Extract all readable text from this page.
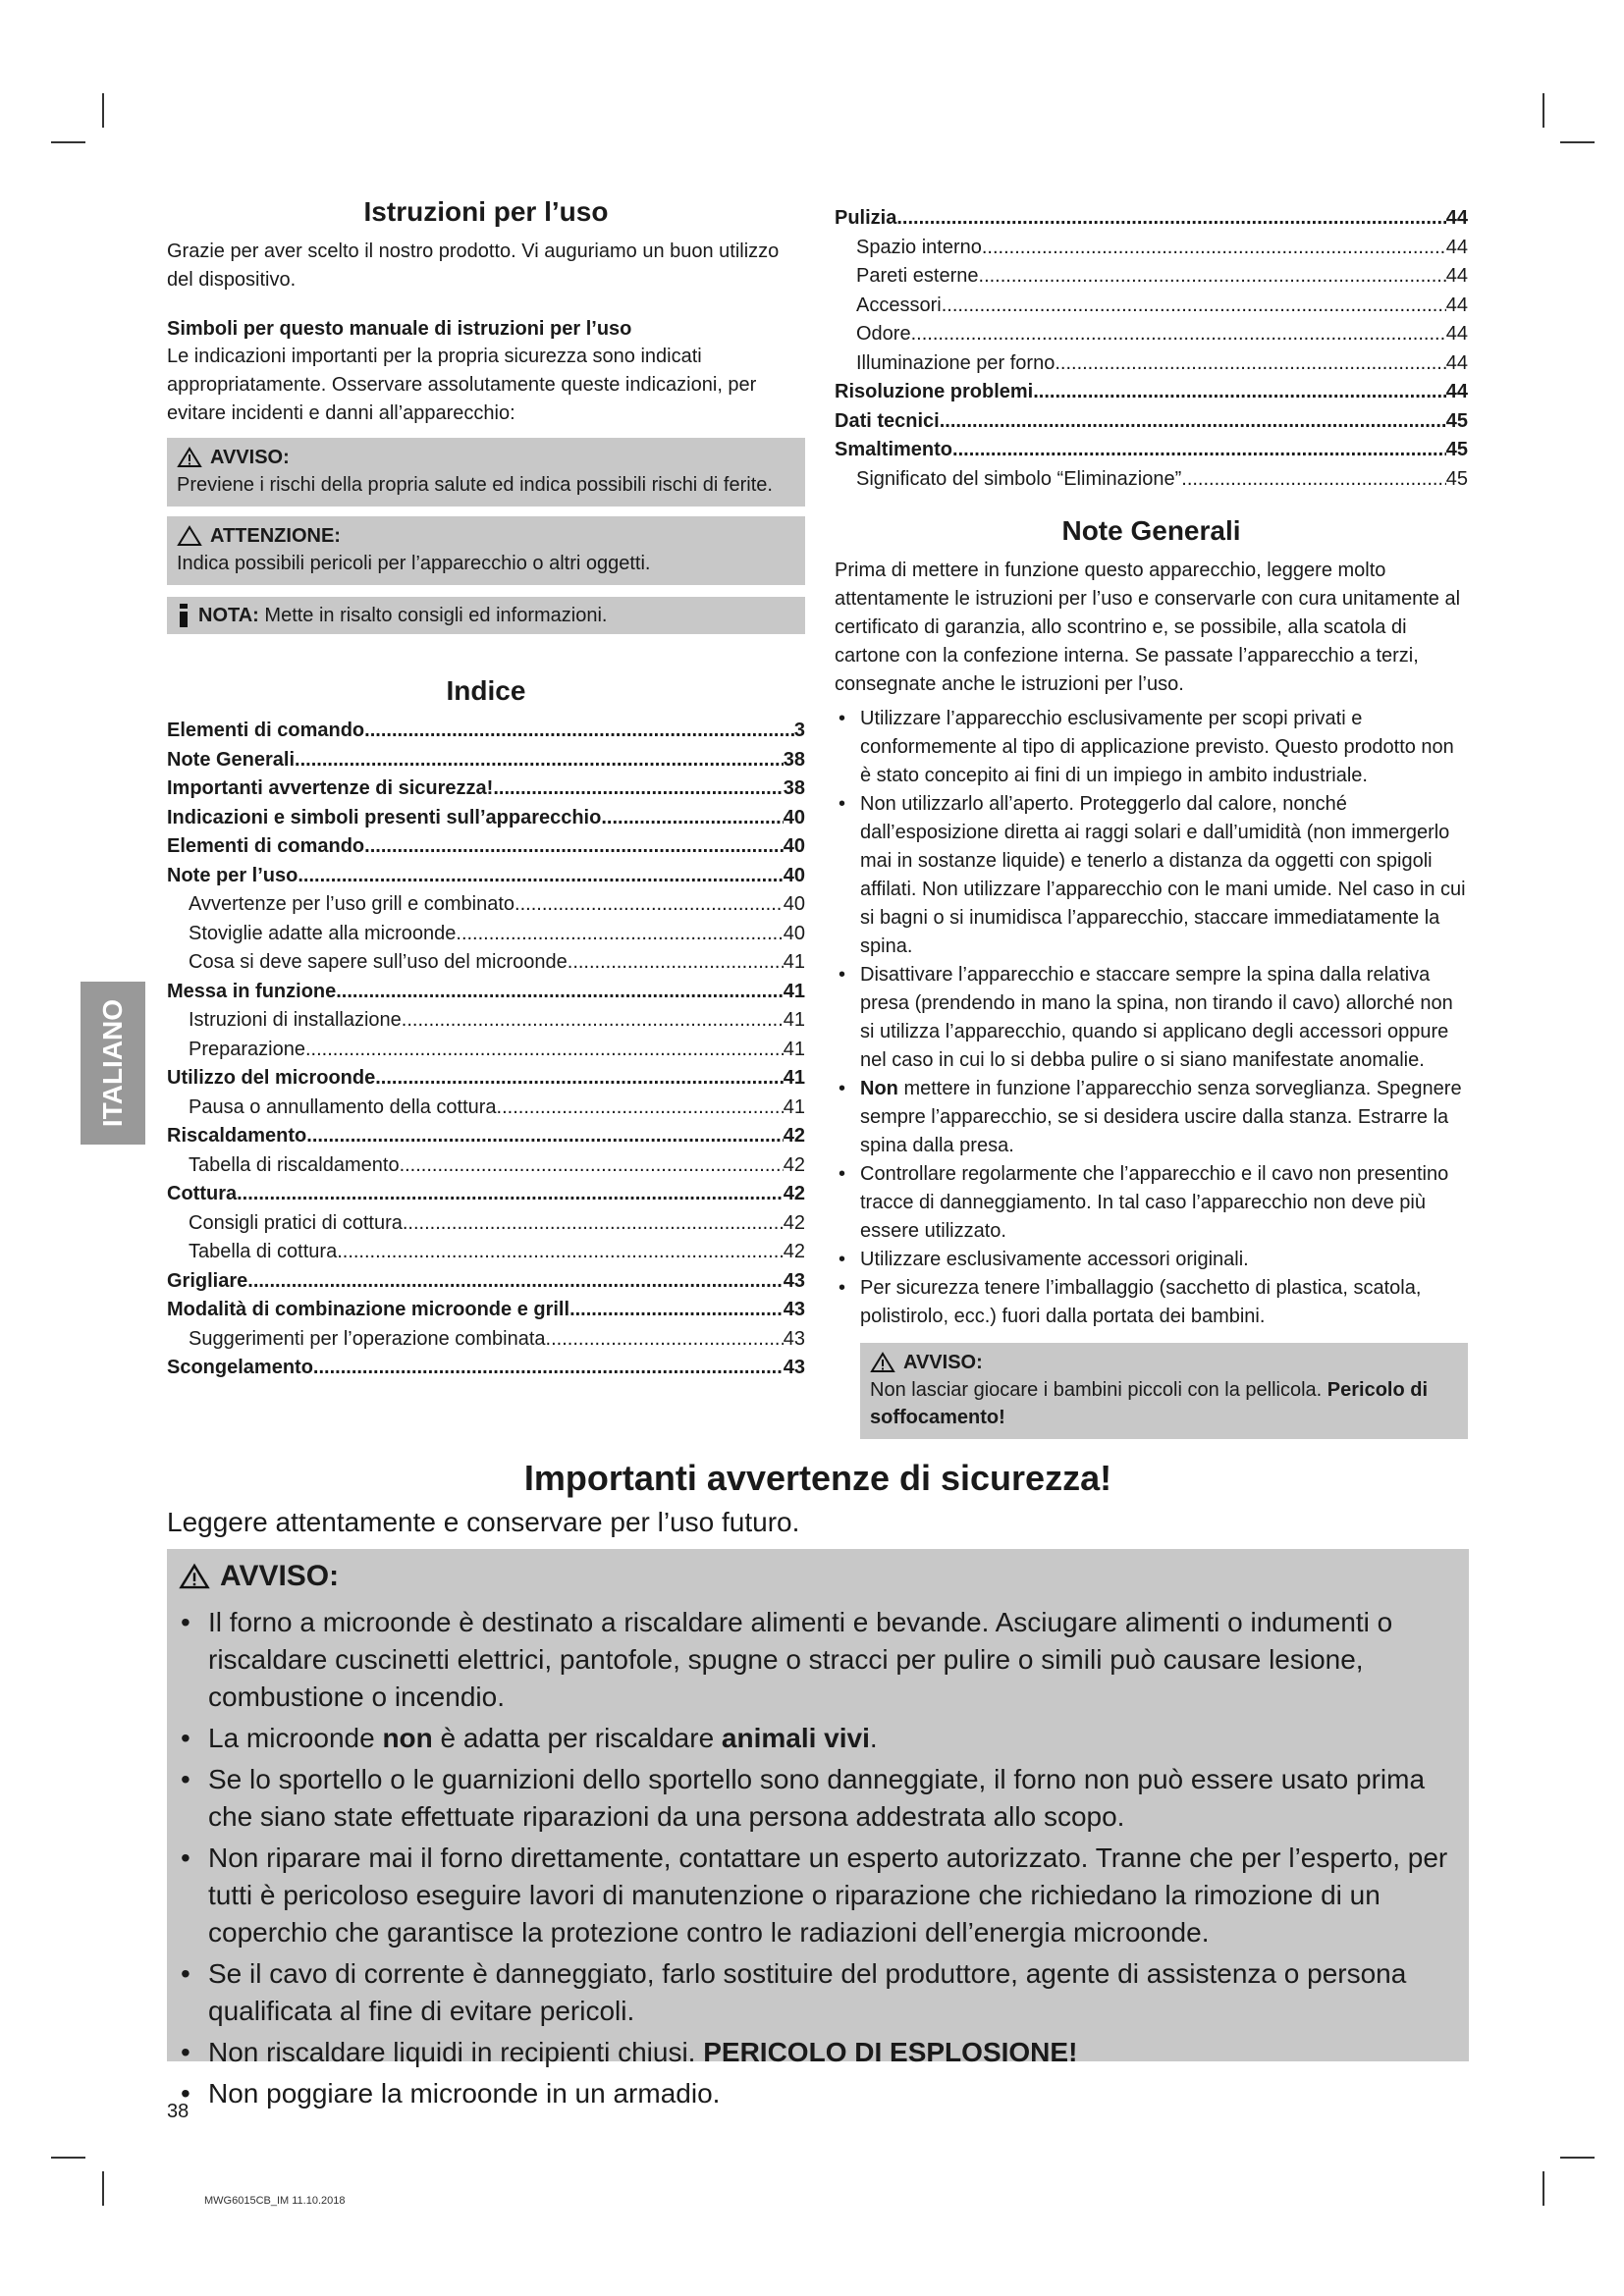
ITALIANO
Istruzioni per l’uso

Grazie per aver scelto il nostro prodotto. Vi auguriamo un buon utilizzo del dispositivo.

Simboli per questo manuale di istruzioni per l’uso

Le indicazioni importanti per la propria sicurezza sono indicati appropriatamente. Osservare assolutamente queste indicazioni, per evitare incidenti e danni all’apparecchio:

AVVISO:
Previene i rischi della propria salute ed indica possibili rischi di ferite.
ATTENZIONE:
Indica possibili pericoli per l’apparecchio o altri oggetti.
NOTA: Mette in risalto consigli ed informazioni.
Indice
Elementi di comando .....	3
Note Generali .....	38
Importanti avvertenze di sicurezza! .....	38
Indicazioni e simboli presenti sull’apparecchio .....	40
Elementi di comando .....	40
Note per l’uso .....	40
Avvertenze per l’uso grill e combinato .....	40
Stoviglie adatte alla microonde .....	40
Cosa si deve sapere sull’uso del microonde .....	41
Messa in funzione .....	41
Istruzioni di installazione .....	41
Preparazione .....	41
Utilizzo del microonde .....	41
Pausa o annullamento della cottura .....	41
Riscaldamento .....	42
Tabella di riscaldamento .....	42
Cottura .....	42
Consigli pratici di cottura .....	42
Tabella di cottura .....	42
Grigliare .....	43
Modalità di combinazione microonde e grill .....	43
Suggerimenti per l’operazione combinata .....	43
Scongelamento .....	43
Pulizia .....	44
Spazio interno .....	44
Pareti esterne .....	44
Accessori .....	44
Odore .....	44
Illuminazione per forno .....	44
Risoluzione problemi .....	44
Dati tecnici .....	45
Smaltimento .....	45
Significato del simbolo “Eliminazione” .....	45
Note Generali

Prima di mettere in funzione questo apparecchio, leggere molto attentamente le istruzioni per l’uso e conservarle con cura unitamente al certificato di garanzia, allo scontrino e, se possibile, alla scatola di cartone con la confezione interna. Se passate l’apparecchio a terzi, consegnate anche le istruzioni per l’uso.

• Utilizzare l’apparecchio esclusivamente per scopi privati e conformemente al tipo di applicazione previsto. Questo prodotto non è stato concepito ai fini di un impiego in ambito industriale.
• Non utilizzarlo all’aperto. Proteggerlo dal calore, nonché dall’esposizione diretta ai raggi solari e dall’umidità (non immergerlo mai in sostanze liquide) e tenerlo a distanza da oggetti con spigoli affilati. Non utilizzare l’apparecchio con le mani umide. Nel caso in cui si bagni o si inumidisca l’apparecchio, staccare immediatamente la spina.
• Disattivare l’apparecchio e staccare sempre la spina dalla relativa presa (prendendo in mano la spina, non tirando il cavo) allorché non si utilizza l’apparecchio, quando si applicano degli accessori oppure nel caso in cui lo si debba pulire o si siano manifestate anomalie.
• Non mettere in funzione l’apparecchio senza sorveglianza. Spegnere sempre l’apparecchio, se si desidera uscire dalla stanza. Estrarre la spina dalla presa.
• Controllare regolarmente che l’apparecchio e il cavo non presentino tracce di danneggiamento. In tal caso l’apparecchio non deve più essere utilizzato.
• Utilizzare esclusivamente accessori originali.
• Per sicurezza tenere l’imballaggio (sacchetto di plastica, scatola, polistirolo, ecc.) fuori dalla portata dei bambini.
AVVISO:
Non lasciar giocare i bambini piccoli con la pellicola. Pericolo di soffocamento!
Importanti avvertenze di sicurezza!
Leggere attentamente e conservare per l’uso futuro.
AVVISO:
• Il forno a microonde è destinato a riscaldare alimenti e bevande. Asciugare alimenti o indumenti o riscaldare cuscinetti elettrici, pantofole, spugne o stracci per pulire o simili può causare lesione, combustione o incendio.
• La microonde non è adatta per riscaldare animali vivi.
• Se lo sportello o le guarnizioni dello sportello sono danneggiate, il forno non può essere usato prima che siano state effettuate riparazioni da una persona addestrata allo scopo.
• Non riparare mai il forno direttamente, contattare un esperto autorizzato. Tranne che per l’esperto, per tutti è pericoloso eseguire lavori di manutenzione o riparazione che richiedano la rimozione di un coperchio che garantisce la protezione contro le radiazioni dell’energia microonde.
• Se il cavo di corrente è danneggiato, farlo sostituire del produttore, agente di assistenza o persona qualificata al fine di evitare pericoli.
• Non riscaldare liquidi in recipienti chiusi. PERICOLO DI ESPLOSIONE!
• Non poggiare la microonde in un armadio.
38
MWG6015CB_IM 11.10.2018
